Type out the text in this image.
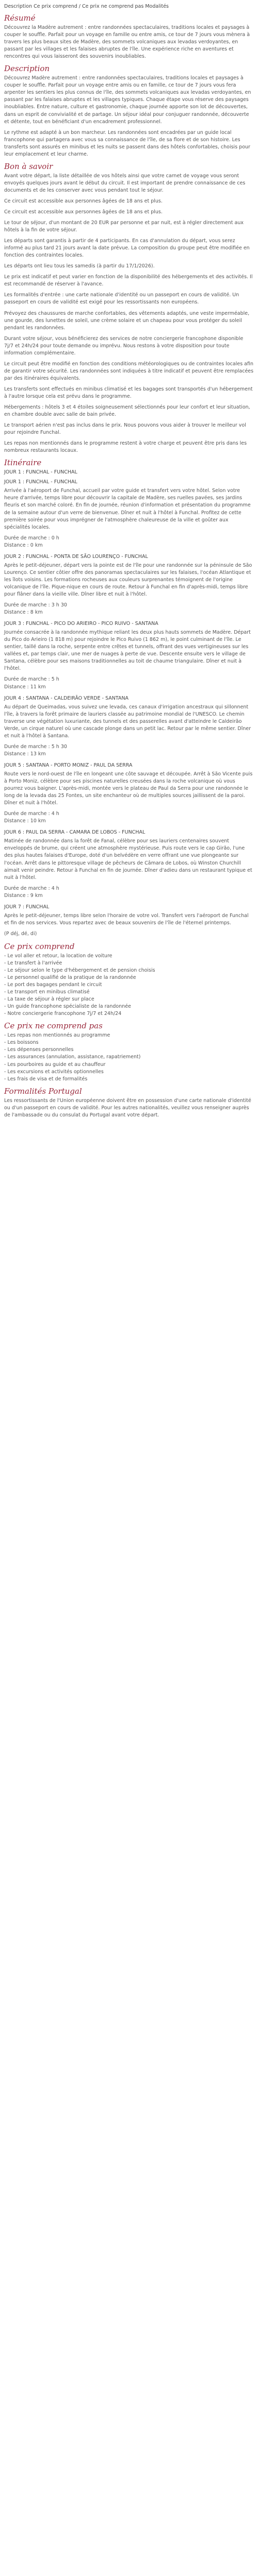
Description Ce prix comprend / Ce prix ne comprend pas Modalités
Résumé

Découvrez la Madère autrement : entre randonnées spectaculaires, traditions locales et paysages à couper le souffle. Parfait pour un voyage en famille ou entre amis, ce tour de 7 jours vous mènera à travers les plus beaux sites de Madère, des sommets volcaniques aux levadas verdoyantes, en passant par les villages et les falaises abruptes de l'île. Une expérience riche en aventures et rencontres qui vous laisseront des souvenirs inoubliables.

Description

Découvrez Madère autrement : entre randonnées spectaculaires, traditions locales et paysages à couper le souffle. Parfait pour un voyage entre amis ou en famille, ce tour de 7 jours vous fera arpenter les sentiers les plus connus de l'île, des sommets volcaniques aux levadas verdoyantes, en passant par les falaises abruptes et les villages typiques. Chaque étape vous réserve des paysages inoubliables. Entre nature, culture et gastronomie, chaque journée apporte son lot de découvertes, dans un esprit de convivialité et de partage. Un séjour idéal pour conjuguer randonnée, découverte et détente, tout en bénéficiant d'un encadrement professionnel.

Le rythme est adapté à un bon marcheur. Les randonnées sont encadrées par un guide local francophone qui partagera avec vous sa connaissance de l'île, de sa flore et de son histoire. Les transferts sont assurés en minibus et les nuits se passent dans des hôtels confortables, choisis pour leur emplacement et leur charme.

Bon à savoir

Avant votre départ, la liste détaillée de vos hôtels ainsi que votre carnet de voyage vous seront envoyés quelques jours avant le début du circuit. Il est important de prendre connaissance de ces documents et de les conserver avec vous pendant tout le séjour.

Ce circuit est accessible aux personnes âgées de 18 ans et plus.

Ce circuit est accessible aux personnes âgées de 18 ans et plus.

Le tour de séjour, d'un montant de 20 EUR par personne et par nuit, est à régler directement aux hôtels à la fin de votre séjour.

Les départs sont garantis à partir de 4 participants. En cas d'annulation du départ, vous serez informé au plus tard 21 jours avant la date prévue. La composition du groupe peut être modifiée en fonction des contraintes locales.

Les départs ont lieu tous les samedis (à partir du 17/1/2026).

Le prix est indicatif et peut varier en fonction de la disponibilité des hébergements et des activités. Il est recommandé de réserver à l'avance.

Les formalités d'entrée : une carte nationale d'identité ou un passeport en cours de validité. Un passeport en cours de validité est exigé pour les ressortissants non européens.

Prévoyez des chaussures de marche confortables, des vêtements adaptés, une veste imperméable, une gourde, des lunettes de soleil, une crème solaire et un chapeau pour vous protéger du soleil pendant les randonnées.

Durant votre séjour, vous bénéficierez des services de notre conciergerie francophone disponible 7j/7 et 24h/24 pour toute demande ou imprévu. Nous restons à votre disposition pour toute information complémentaire.

Le circuit peut être modifié en fonction des conditions météorologiques ou de contraintes locales afin de garantir votre sécurité. Les randonnées sont indiquées à titre indicatif et peuvent être remplacées par des itinéraires équivalents.

Les transferts sont effectués en minibus climatisé et les bagages sont transportés d'un hébergement à l'autre lorsque cela est prévu dans le programme.

Hébergements : hôtels 3 et 4 étoiles soigneusement sélectionnés pour leur confort et leur situation, en chambre double avec salle de bain privée.

Le transport aérien n'est pas inclus dans le prix. Nous pouvons vous aider à trouver le meilleur vol pour rejoindre Funchal.

Les repas non mentionnés dans le programme restent à votre charge et peuvent être pris dans les nombreux restaurants locaux.

Itinéraire
JOUR 1 : FUNCHAL - FUNCHAL
JOUR 1 : FUNCHAL - FUNCHAL

Arrivée à l'aéroport de Funchal, accueil par votre guide et transfert vers votre hôtel. Selon votre heure d'arrivée, temps libre pour découvrir la capitale de Madère, ses ruelles pavées, ses jardins fleuris et son marché coloré. En fin de journée, réunion d'information et présentation du programme de la semaine autour d'un verre de bienvenue. Dîner et nuit à l'hôtel à Funchal. Profitez de cette première soirée pour vous imprégner de l'atmosphère chaleureuse de la ville et goûter aux spécialités locales.

Durée de marche : 0 h
Distance : 0 km
JOUR 2 : FUNCHAL - PONTA DE SÃO LOURENÇO - FUNCHAL

Après le petit-déjeuner, départ vers la pointe est de l'île pour une randonnée sur la péninsule de São Lourenço. Ce sentier côtier offre des panoramas spectaculaires sur les falaises, l'océan Atlantique et les îlots voisins. Les formations rocheuses aux couleurs surprenantes témoignent de l'origine volcanique de l'île. Pique-nique en cours de route. Retour à Funchal en fin d'après-midi, temps libre pour flâner dans la vieille ville. Dîner libre et nuit à l'hôtel.

Durée de marche : 3 h 30
Distance : 8 km
JOUR 3 : FUNCHAL - PICO DO ARIEIRO - PICO RUIVO - SANTANA

Journée consacrée à la randonnée mythique reliant les deux plus hauts sommets de Madère. Départ du Pico do Arieiro (1 818 m) pour rejoindre le Pico Ruivo (1 862 m), le point culminant de l'île. Le sentier, taillé dans la roche, serpente entre crêtes et tunnels, offrant des vues vertigineuses sur les vallées et, par temps clair, une mer de nuages à perte de vue. Descente ensuite vers le village de Santana, célèbre pour ses maisons traditionnelles au toit de chaume triangulaire. Dîner et nuit à l'hôtel.

Durée de marche : 5 h
Distance : 11 km
JOUR 4 : SANTANA - CALDEIRÃO VERDE - SANTANA

Au départ de Queimadas, vous suivez une levada, ces canaux d'irrigation ancestraux qui sillonnent l'île, à travers la forêt primaire de lauriers classée au patrimoine mondial de l'UNESCO. Le chemin traverse une végétation luxuriante, des tunnels et des passerelles avant d'atteindre le Caldeirão Verde, un cirque naturel où une cascade plonge dans un petit lac. Retour par le même sentier. Dîner et nuit à l'hôtel à Santana.

Durée de marche : 5 h 30
Distance : 13 km
JOUR 5 : SANTANA - PORTO MONIZ - PAUL DA SERRA

Route vers le nord-ouest de l'île en longeant une côte sauvage et découpée. Arrêt à São Vicente puis à Porto Moniz, célèbre pour ses piscines naturelles creusées dans la roche volcanique où vous pourrez vous baigner. L'après-midi, montée vers le plateau de Paul da Serra pour une randonnée le long de la levada das 25 Fontes, un site enchanteur où de multiples sources jaillissent de la paroi. Dîner et nuit à l'hôtel.

Durée de marche : 4 h
Distance : 10 km
JOUR 6 : PAUL DA SERRA - CAMARA DE LOBOS - FUNCHAL

Matinée de randonnée dans la forêt de Fanal, célèbre pour ses lauriers centenaires souvent enveloppés de brume, qui créent une atmosphère mystérieuse. Puis route vers le cap Girão, l'une des plus hautes falaises d'Europe, doté d'un belvédère en verre offrant une vue plongeante sur l'océan. Arrêt dans le pittoresque village de pêcheurs de Câmara de Lobos, où Winston Churchill aimait venir peindre. Retour à Funchal en fin de journée. Dîner d'adieu dans un restaurant typique et nuit à l'hôtel.

Durée de marche : 4 h
Distance : 9 km
JOUR 7 : FUNCHAL

Après le petit-déjeuner, temps libre selon l'horaire de votre vol. Transfert vers l'aéroport de Funchal et fin de nos services. Vous repartez avec de beaux souvenirs de l'île de l'éternel printemps.

(P déj, dé, di)
Ce prix comprend
- Le vol aller et retour, la location de voiture
- Le transfert à l'arrivée
- Le séjour selon le type d'hébergement et de pension choisis
- Le personnel qualifié de la pratique de la randonnée
- Le port des bagages pendant le circuit
- Le transport en minibus climatisé
- La taxe de séjour à régler sur place
- Un guide francophone spécialiste de la randonnée
- Notre conciergerie francophone 7j/7 et 24h/24
Ce prix ne comprend pas
- Les repas non mentionnés au programme
- Les boissons
- Les dépenses personnelles
- Les assurances (annulation, assistance, rapatriement)
- Les pourboires au guide et au chauffeur
- Les excursions et activités optionnelles
- Les frais de visa et de formalités
Formalités Portugal

Les ressortissants de l'Union européenne doivent être en possession d'une carte nationale d'identité ou d'un passeport en cours de validité. Pour les autres nationalités, veuillez vous renseigner auprès de l'ambassade ou du consulat du Portugal avant votre départ.
